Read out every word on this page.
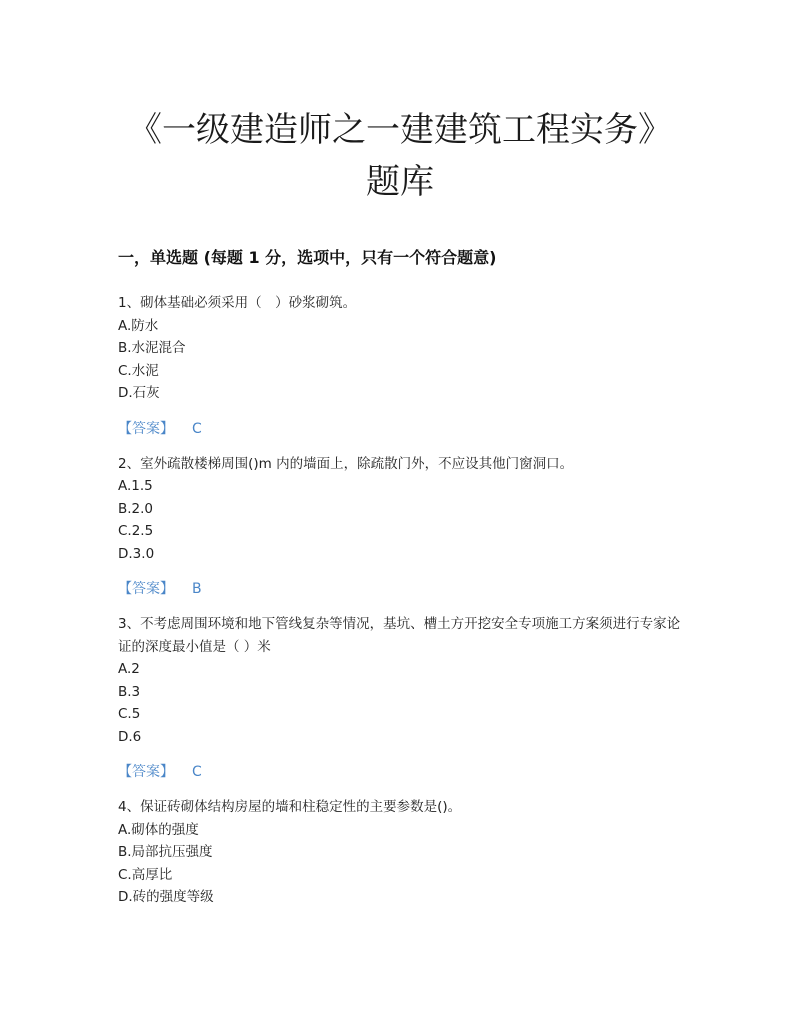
《一级建造师之一建建筑工程实务》
题库
一，单选题 (每题 1 分，选项中，只有一个符合题意)
1、砌体基础必须采用（　）砂浆砌筑。
A.防水
B.水泥混合
C.水泥
D.石灰
【答案】 C
2、室外疏散楼梯周围()m 内的墙面上，除疏散门外，不应设其他门窗洞口。
A.1.5
B.2.0
C.2.5
D.3.0
【答案】 B
3、不考虑周围环境和地下管线复杂等情况，基坑、槽土方开挖安全专项施工方案须进行专家论证的深度最小值是（ ）米
A.2
B.3
C.5
D.6
【答案】 C
4、保证砖砌体结构房屋的墙和柱稳定性的主要参数是()。
A.砌体的强度
B.局部抗压强度
C.高厚比
D.砖的强度等级
